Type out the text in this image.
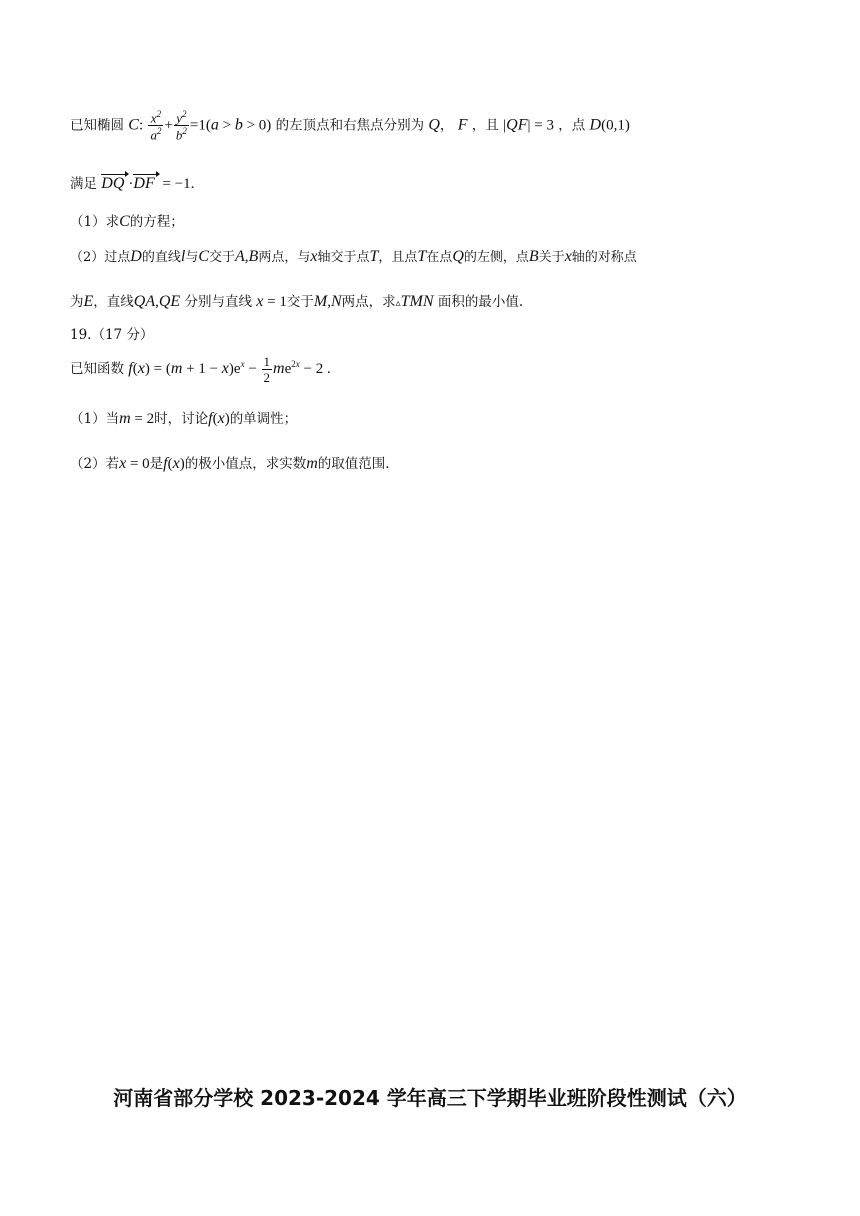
已知椭圆 C: $\frac{x^2}{a^2} + \frac{y^2}{b^2} =1(a > b > 0)$ 的左顶点和右焦点分别为 Q， F ，且 |QF| = 3 ，点 D(0,1)
满足 DQ ·DF  = −1.
（1）求C的方程；
（2）过点D的直线l与C交于A,B两点，与x轴交于点T，且点T在点Q的左侧，点B关于x轴的对称点
为E，直线QA,QE 分别与直线 x = 1交于M,N两点，求▵TMN 面积的最小值.
19.（17 分）
已知函数 $f(x) = (m + 1 - x)e^x - \frac{1}{2} me^{2x} - 2$ .
（1）当m = 2时，讨论f(x)的单调性；
（2）若x = 0是f(x)的极小值点，求实数m的取值范围.
河南省部分学校 2023-2024 学年高三下学期毕业班阶段性测试（六）
